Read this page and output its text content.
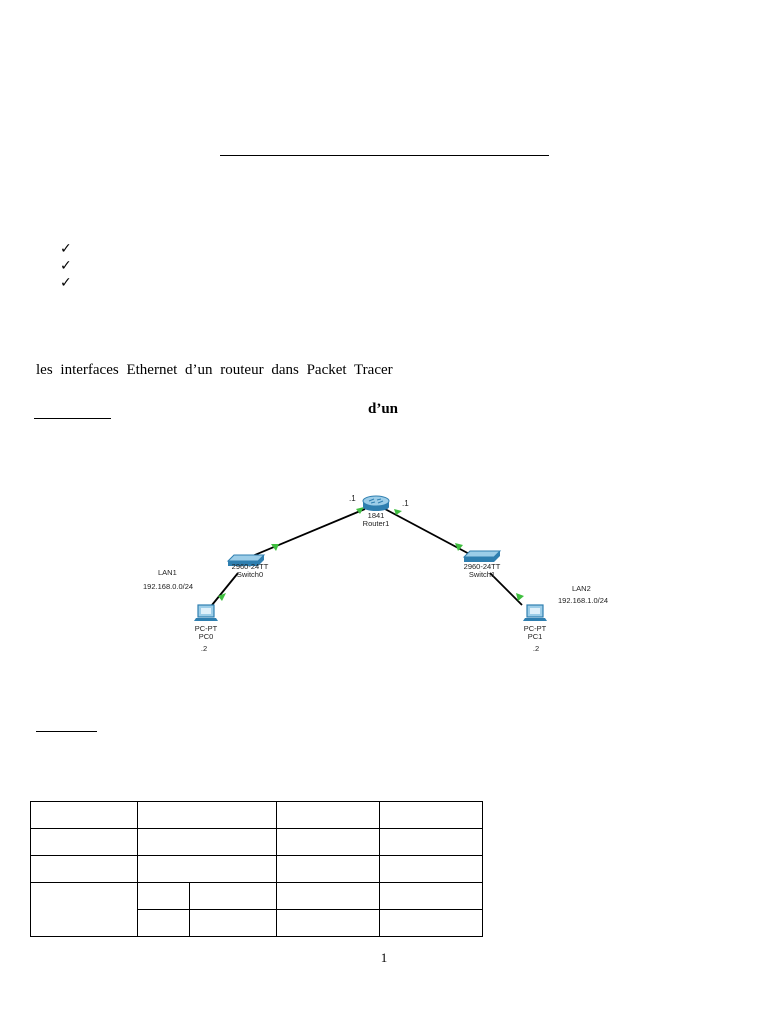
✓
✓
✓
les interfaces Ethernet d’un routeur dans Packet Tracer
d’un
.1
.1
1841
Router1
2960-24TT
Switch0
2960-24TT
Switch1
LAN1
192.168.0.0/24	LAN2
192.168.1.0/24
PC-PT
PC0
.2
PC-PT
PC1
.2

1
